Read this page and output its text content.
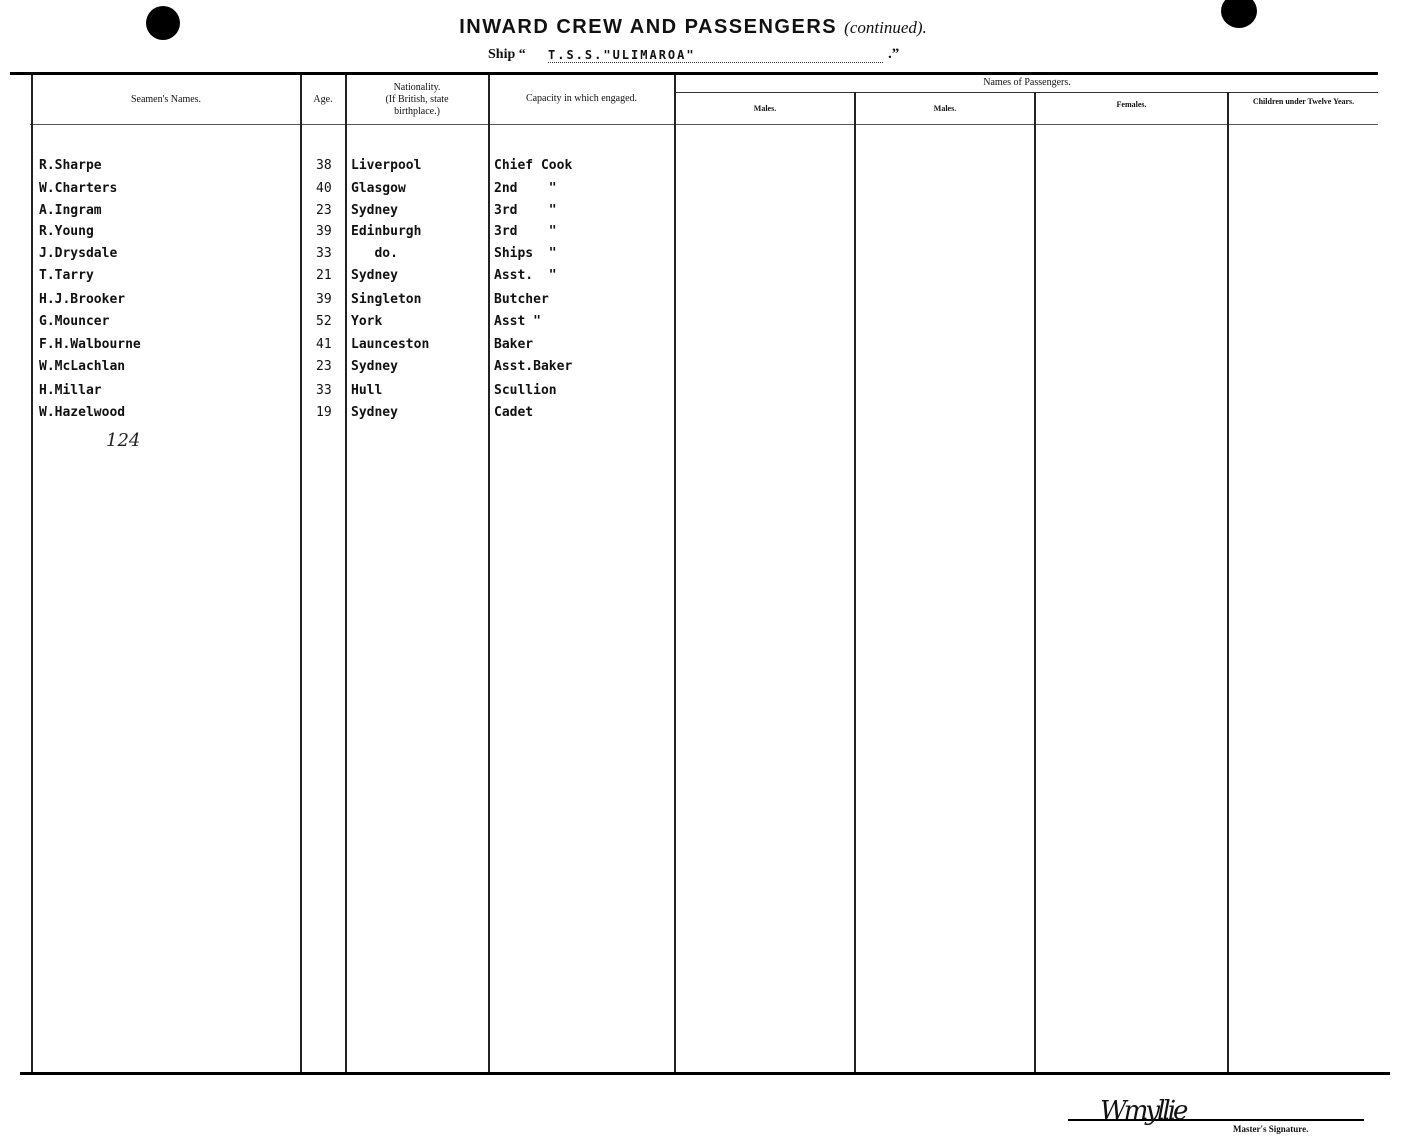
INWARD CREW AND PASSENGERS (continued).
Ship “ T.S.S."ULIMAROA"	.”
Seamen's Names.	Age.
Nationality.
(If British, state birthplace.)
Capacity in which engaged.
Names of Passengers.
Males.	Males.	Females.	Children under Twelve Years.
R.Sharpe	38 Liverpool	Chief Cook
W.Charters	40 Glasgow	2nd    "
A.Ingram	23 Sydney	3rd    "
R.Young	39 Edinburgh	3rd    "
J.Drysdale	33 do.	Ships  "
T.Tarry	21 Sydney	Asst.  "
H.J.Brooker	39 Singleton	Butcher
G.Mouncer	52 York	Asst "
F.H.Walbourne	41 Launceston	Baker
W.McLachlan	23 Sydney	Asst.Baker
H.Millar	33 Hull	Scullion
W.Hazelwood	19 Sydney	Cadet
124
Wmyllie
Master's Signature.
